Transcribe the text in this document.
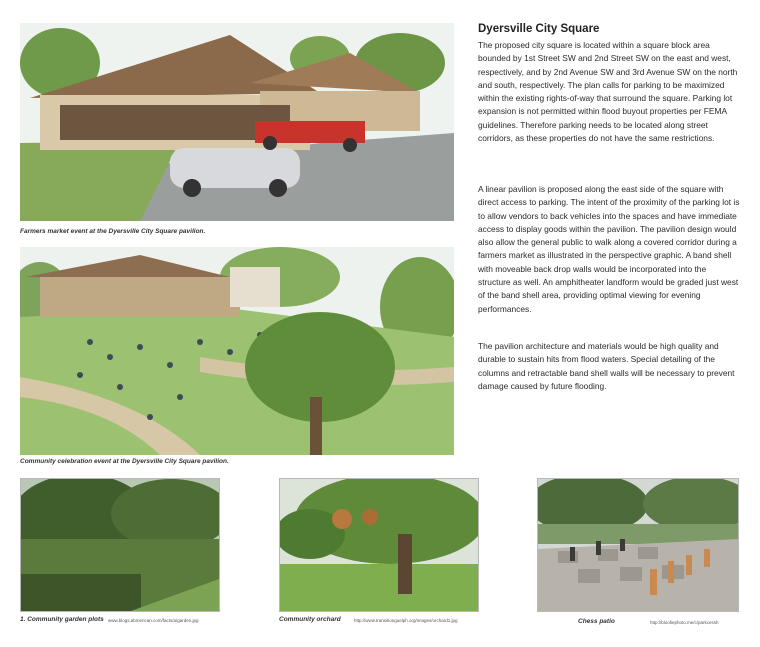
Farmers market event at the Dyersville City Square pavilion.
Community celebration event at the Dyersville City Square pavilion.
Dyersville City Square

The proposed city square is located within a square block area bounded by 1st Street SW and 2nd Street SW on the east and west, respectively, and by 2nd Avenue SW and 3rd Avenue SW on the north and south, respectively. The plan calls for parking to be maximized within the existing rights-of-way that surround the square. Parking lot expansion is not permitted within flood buyout properties per FEMA guidelines. Therefore parking needs to be located along street corridors, as these properties do not have the same restrictions.

A linear pavilion is proposed along the east side of the square with direct access to parking. The intent of the proximity of the parking lot is to allow vendors to back vehicles into the spaces and have immediate access to display goods within the pavilion. The pavilion design would also allow the general public to walk along a covered corridor during a farmers market as illustrated in the perspective graphic. A band shell with moveable back drop walls would be incorporated into the structure as well. An amphitheater landform would be graded just west of the band shell area, providing optimal viewing for evening performances.

The pavilion architecture and materials would be high quality and durable to sustain hits from flood waters. Special detailing of the columns and retractable band shell walls will be necessary to prevent damage caused by future flooding.

1. Community garden plots www.blogs.abmerican.com/facts/a/garden.jpg	Community orchard	http://www.transitionguelph.org/images/orchard1.jpg	Chess patio	http://bloofiephoto.me/c/parkcessh
